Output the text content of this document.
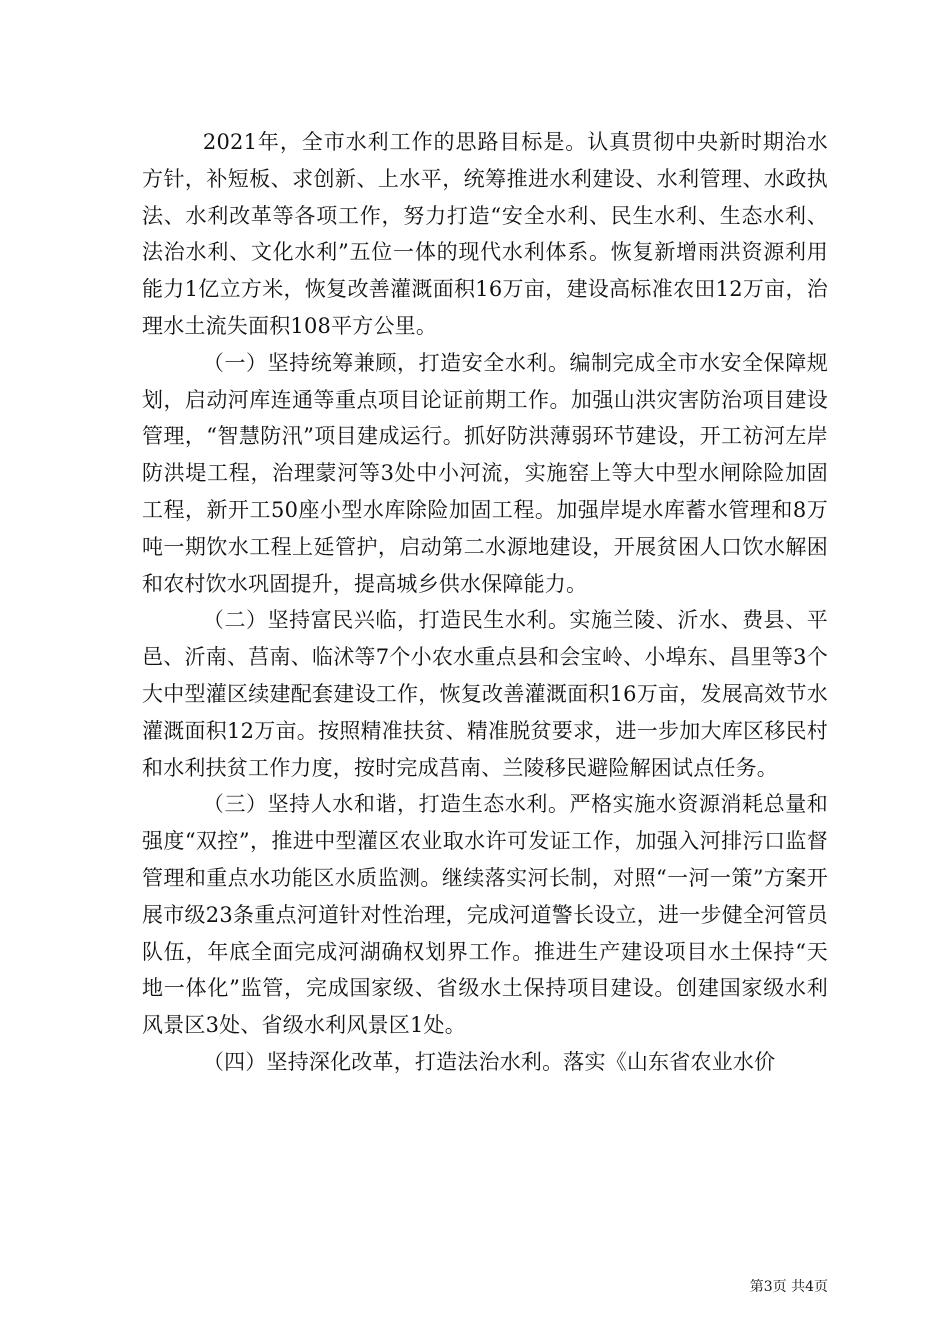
2021年，全市水利工作的思路目标是。认真贯彻中央新时期治水方针，补短板、求创新、上水平，统筹推进水利建设、水利管理、水政执法、水利改革等各项工作，努力打造“安全水利、民生水利、生态水利、法治水利、文化水利”五位一体的现代水利体系。恢复新增雨洪资源利用能力1亿立方米，恢复改善灌溉面积16万亩，建设高标准农田12万亩，治理水土流失面积108平方公里。

（一）坚持统筹兼顾，打造安全水利。编制完成全市水安全保障规划，启动河库连通等重点项目论证前期工作。加强山洪灾害防治项目建设管理，“智慧防汛”项目建成运行。抓好防洪薄弱环节建设，开工祊河左岸防洪堤工程，治理蒙河等3处中小河流，实施窑上等大中型水闸除险加固工程，新开工50座小型水库除险加固工程。加强岸堤水库蓄水管理和8万吨一期饮水工程上延管护，启动第二水源地建设，开展贫困人口饮水解困和农村饮水巩固提升，提高城乡供水保障能力。

（二）坚持富民兴临，打造民生水利。实施兰陵、沂水、费县、平邑、沂南、莒南、临沭等7个小农水重点县和会宝岭、小埠东、昌里等3个大中型灌区续建配套建设工作，恢复改善灌溉面积16万亩，发展高效节水灌溉面积12万亩。按照精准扶贫、精准脱贫要求，进一步加大库区移民村和水利扶贫工作力度，按时完成莒南、兰陵移民避险解困试点任务。

（三）坚持人水和谐，打造生态水利。严格实施水资源消耗总量和强度“双控”，推进中型灌区农业取水许可发证工作，加强入河排污口监督管理和重点水功能区水质监测。继续落实河长制，对照“一河一策”方案开展市级23条重点河道针对性治理，完成河道警长设立，进一步健全河管员队伍，年底全面完成河湖确权划界工作。推进生产建设项目水土保持“天地一体化”监管，完成国家级、省级水土保持项目建设。创建国家级水利风景区3处、省级水利风景区1处。

（四）坚持深化改革，打造法治水利。落实《山东省农业水价

第3页 共4页
